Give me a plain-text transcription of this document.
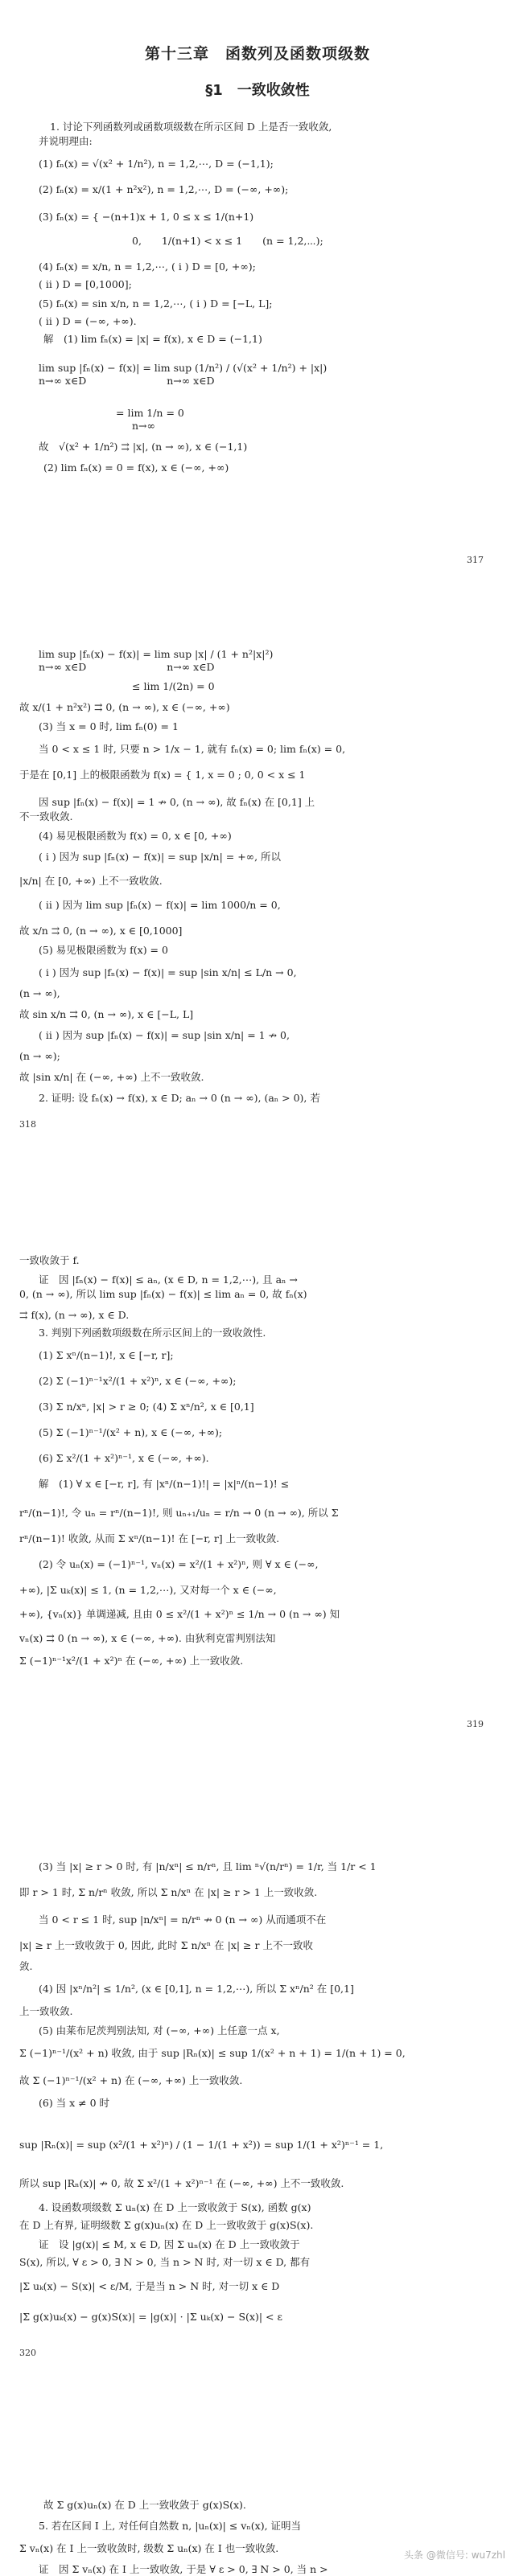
第十三章　函数列及函数项级数
§1　一致收敛性
1. 讨论下列函数列或函数项级数在所示区间 D 上是否一致收敛,
并说明理由:
(1) fₙ(x) = √(x² + 1/n²), n = 1,2,⋯, D = (−1,1);
(2) fₙ(x) = x/(1 + n²x²), n = 1,2,⋯, D = (−∞, +∞);
(3) fₙ(x) = { −(n+1)x + 1, 0 ≤ x ≤ 1/(n+1)
0,　　1/(n+1) < x ≤ 1　　(n = 1,2,⋯);
(4) fₙ(x) = x/n, n = 1,2,⋯, ( ⅰ ) D = [0, +∞);
( ⅱ ) D = [0,1000];
(5) fₙ(x) = sin x/n, n = 1,2,⋯, ( ⅰ ) D = [−L, L];
( ⅱ ) D = (−∞, +∞).
解　(1) lim fₙ(x) = |x| = f(x), x ∈ D = (−1,1)
lim sup |fₙ(x) − f(x)| = lim sup (1/n²) / (√(x² + 1/n²) + |x|)
n→∞ x∈D　　　　　　　　n→∞ x∈D
= lim 1/n = 0
n→∞
故　√(x² + 1/n²) ⇉ |x|, (n → ∞), x ∈ (−1,1)
(2) lim fₙ(x) = 0 = f(x), x ∈ (−∞, +∞)
317
lim sup |fₙ(x) − f(x)| = lim sup |x| / (1 + n²|x|²)
n→∞ x∈D　　　　　　　　n→∞ x∈D
≤ lim 1/(2n) = 0
故 x/(1 + n²x²) ⇉ 0, (n → ∞), x ∈ (−∞, +∞)
(3) 当 x = 0 时, lim fₙ(0) = 1
当 0 < x ≤ 1 时, 只要 n > 1/x − 1, 就有 fₙ(x) = 0; lim fₙ(x) = 0,
于是在 [0,1] 上的极限函数为 f(x) = { 1, x = 0 ; 0, 0 < x ≤ 1
因 sup |fₙ(x) − f(x)| = 1 ↛ 0, (n → ∞), 故 fₙ(x) 在 [0,1] 上
不一致收敛.
(4) 易见极限函数为 f(x) = 0, x ∈ [0, +∞)
( ⅰ ) 因为 sup |fₙ(x) − f(x)| = sup |x/n| = +∞, 所以
|x/n| 在 [0, +∞) 上不一致收敛.
( ⅱ ) 因为 lim sup |fₙ(x) − f(x)| = lim 1000/n = 0,
故 x/n ⇉ 0, (n → ∞), x ∈ [0,1000]
(5) 易见极限函数为 f(x) = 0
( ⅰ ) 因为 sup |fₙ(x) − f(x)| = sup |sin x/n| ≤ L/n → 0,
(n → ∞),
故 sin x/n ⇉ 0, (n → ∞), x ∈ [−L, L]
( ⅱ ) 因为 sup |fₙ(x) − f(x)| = sup |sin x/n| = 1 ↛ 0,
(n → ∞);
故 |sin x/n| 在 (−∞, +∞) 上不一致收敛.
2. 证明: 设 fₙ(x) → f(x), x ∈ D; aₙ → 0 (n → ∞), (aₙ > 0), 若
318
一致收敛于 f.
证　因 |fₙ(x) − f(x)| ≤ aₙ, (x ∈ D, n = 1,2,⋯), 且 aₙ →
0, (n → ∞), 所以 lim sup |fₙ(x) − f(x)| ≤ lim aₙ = 0, 故 fₙ(x)
⇉ f(x), (n → ∞), x ∈ D.
3. 判别下列函数项级数在所示区间上的一致收敛性.
(1) Σ xⁿ/(n−1)!, x ∈ [−r, r];
(2) Σ (−1)ⁿ⁻¹x²/(1 + x²)ⁿ, x ∈ (−∞, +∞);
(3) Σ n/xⁿ, |x| > r ≥ 0; (4) Σ xⁿ/n², x ∈ [0,1]
(5) Σ (−1)ⁿ⁻¹/(x² + n), x ∈ (−∞, +∞);
(6) Σ x²/(1 + x²)ⁿ⁻¹, x ∈ (−∞, +∞).
解　(1) ∀ x ∈ [−r, r], 有 |xⁿ/(n−1)!| = |x|ⁿ/(n−1)! ≤
rⁿ/(n−1)!, 令 uₙ = rⁿ/(n−1)!, 则 uₙ₊₁/uₙ = r/n → 0 (n → ∞), 所以 Σ
rⁿ/(n−1)! 收敛, 从而 Σ xⁿ/(n−1)! 在 [−r, r] 上一致收敛.
(2) 令 uₙ(x) = (−1)ⁿ⁻¹, vₙ(x) = x²/(1 + x²)ⁿ, 则 ∀ x ∈ (−∞,
+∞), |Σ uₖ(x)| ≤ 1, (n = 1,2,⋯), 又对每一个 x ∈ (−∞,
+∞), {vₙ(x)} 单调递减, 且由 0 ≤ x²/(1 + x²)ⁿ ≤ 1/n → 0 (n → ∞) 知
vₙ(x) ⇉ 0 (n → ∞), x ∈ (−∞, +∞). 由狄利克雷判别法知
Σ (−1)ⁿ⁻¹x²/(1 + x²)ⁿ 在 (−∞, +∞) 上一致收敛.
319
(3) 当 |x| ≥ r > 0 时, 有 |n/xⁿ| ≤ n/rⁿ, 且 lim ⁿ√(n/rⁿ) = 1/r, 当 1/r < 1
即 r > 1 时, Σ n/rⁿ 收敛, 所以 Σ n/xⁿ 在 |x| ≥ r > 1 上一致收敛.
当 0 < r ≤ 1 时, sup |n/xⁿ| = n/rⁿ ↛ 0 (n → ∞) 从而通项不在
|x| ≥ r 上一致收敛于 0, 因此, 此时 Σ n/xⁿ 在 |x| ≥ r 上不一致收
敛.
(4) 因 |xⁿ/n²| ≤ 1/n², (x ∈ [0,1], n = 1,2,⋯), 所以 Σ xⁿ/n² 在 [0,1]
上一致收敛.
(5) 由莱布尼茨判别法知, 对 (−∞, +∞) 上任意一点 x,
Σ (−1)ⁿ⁻¹/(x² + n) 收敛, 由于 sup |Rₙ(x)| ≤ sup 1/(x² + n + 1) = 1/(n + 1) = 0,
故 Σ (−1)ⁿ⁻¹/(x² + n) 在 (−∞, +∞) 上一致收敛.
(6) 当 x ≠ 0 时
sup |Rₙ(x)| = sup (x²/(1 + x²)ⁿ) / (1 − 1/(1 + x²)) = sup 1/(1 + x²)ⁿ⁻¹ = 1,
所以 sup |Rₙ(x)| ↛ 0, 故 Σ x²/(1 + x²)ⁿ⁻¹ 在 (−∞, +∞) 上不一致收敛.
4. 设函数项级数 Σ uₙ(x) 在 D 上一致收敛于 S(x), 函数 g(x)
在 D 上有界, 证明级数 Σ g(x)uₙ(x) 在 D 上一致收敛于 g(x)S(x).
证　设 |g(x)| ≤ M, x ∈ D, 因 Σ uₙ(x) 在 D 上一致收敛于
S(x), 所以, ∀ ε > 0, ∃ N > 0, 当 n > N 时, 对一切 x ∈ D, 都有
|Σ uₖ(x) − S(x)| < ε/M, 于是当 n > N 时, 对一切 x ∈ D
|Σ g(x)uₖ(x) − g(x)S(x)| = |g(x)| · |Σ uₖ(x) − S(x)| < ε
320
故 Σ g(x)uₙ(x) 在 D 上一致收敛于 g(x)S(x).
5. 若在区间 I 上, 对任何自然数 n, |uₙ(x)| ≤ vₙ(x), 证明当
Σ vₙ(x) 在 I 上一致收敛时, 级数 Σ uₙ(x) 在 I 也一致收敛.
证　因 Σ vₙ(x) 在 I 上一致收敛, 于是 ∀ ε > 0, ∃ N > 0, 当 n >
头条 @微信号: wu7zhl
